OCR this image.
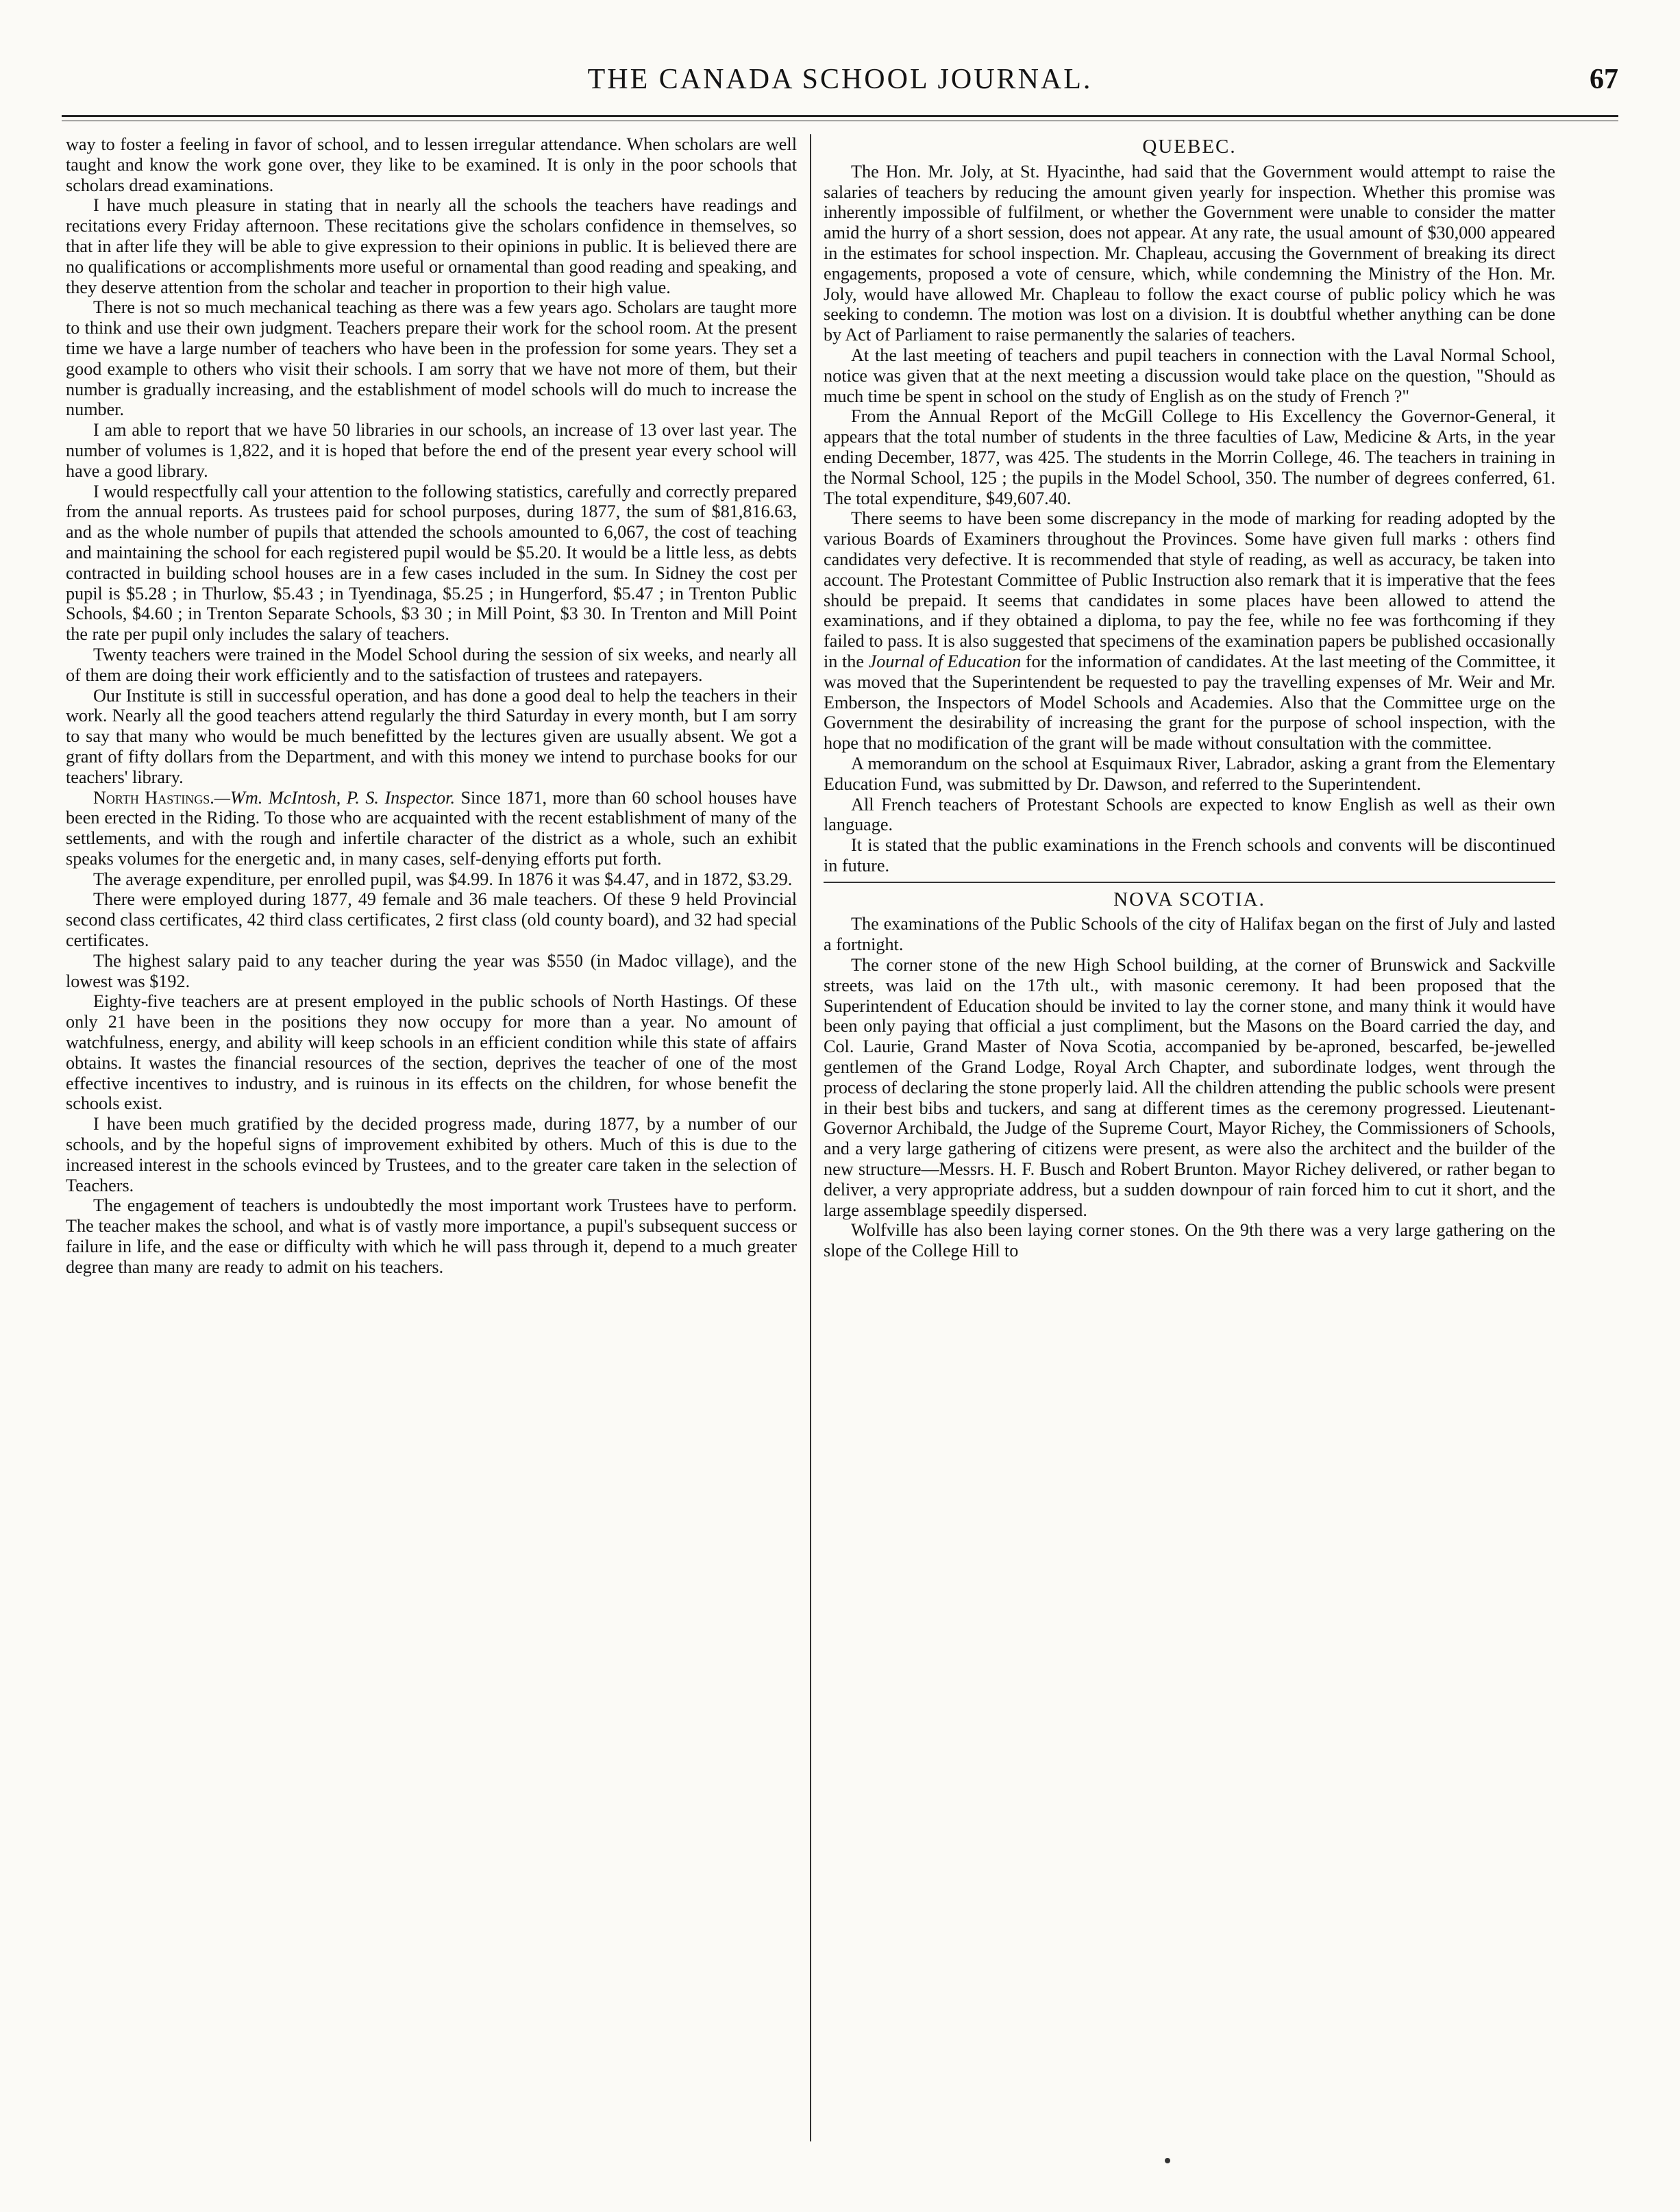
THE CANADA SCHOOL JOURNAL.	67

way to foster a feeling in favor of school, and to lessen irregular attendance. When scholars are well taught and know the work gone over, they like to be examined. It is only in the poor schools that scholars dread examinations.

I have much pleasure in stating that in nearly all the schools the teachers have readings and recitations every Friday afternoon. These recitations give the scholars confidence in themselves, so that in after life they will be able to give expression to their opinions in public. It is believed there are no qualifications or accomplishments more useful or ornamental than good reading and speaking, and they deserve attention from the scholar and teacher in proportion to their high value.

There is not so much mechanical teaching as there was a few years ago. Scholars are taught more to think and use their own judgment. Teachers prepare their work for the school room. At the present time we have a large number of teachers who have been in the profession for some years. They set a good example to others who visit their schools. I am sorry that we have not more of them, but their number is gradually increasing, and the establishment of model schools will do much to increase the number.

I am able to report that we have 50 libraries in our schools, an increase of 13 over last year. The number of volumes is 1,822, and it is hoped that before the end of the present year every school will have a good library.

I would respectfully call your attention to the following statistics, carefully and correctly prepared from the annual reports. As trustees paid for school purposes, during 1877, the sum of $81,816.63, and as the whole number of pupils that attended the schools amounted to 6,067, the cost of teaching and maintaining the school for each registered pupil would be $5.20. It would be a little less, as debts contracted in building school houses are in a few cases included in the sum. In Sidney the cost per pupil is $5.28 ; in Thurlow, $5.43 ; in Tyendinaga, $5.25 ; in Hungerford, $5.47 ; in Trenton Public Schools, $4.60 ; in Trenton Separate Schools, $3 30 ; in Mill Point, $3 30. In Trenton and Mill Point the rate per pupil only includes the salary of teachers.

Twenty teachers were trained in the Model School during the session of six weeks, and nearly all of them are doing their work efficiently and to the satisfaction of trustees and ratepayers.

Our Institute is still in successful operation, and has done a good deal to help the teachers in their work. Nearly all the good teachers attend regularly the third Saturday in every month, but I am sorry to say that many who would be much benefitted by the lectures given are usually absent. We got a grant of fifty dollars from the Department, and with this money we intend to purchase books for our teachers' library.

North Hastings.—Wm. McIntosh, P. S. Inspector. Since 1871, more than 60 school houses have been erected in the Riding. To those who are acquainted with the recent establishment of many of the settlements, and with the rough and infertile character of the district as a whole, such an exhibit speaks volumes for the energetic and, in many cases, self-denying efforts put forth.

The average expenditure, per enrolled pupil, was $4.99. In 1876 it was $4.47, and in 1872, $3.29.

There were employed during 1877, 49 female and 36 male teachers. Of these 9 held Provincial second class certificates, 42 third class certificates, 2 first class (old county board), and 32 had special certificates.

The highest salary paid to any teacher during the year was $550 (in Madoc village), and the lowest was $192.

Eighty-five teachers are at present employed in the public schools of North Hastings. Of these only 21 have been in the positions they now occupy for more than a year. No amount of watchfulness, energy, and ability will keep schools in an efficient condition while this state of affairs obtains. It wastes the financial resources of the section, deprives the teacher of one of the most effective incentives to industry, and is ruinous in its effects on the children, for whose benefit the schools exist.

I have been much gratified by the decided progress made, during 1877, by a number of our schools, and by the hopeful signs of improvement exhibited by others. Much of this is due to the increased interest in the schools evinced by Trustees, and to the greater care taken in the selection of Teachers.

The engagement of teachers is undoubtedly the most important work Trustees have to perform. The teacher makes the school, and what is of vastly more importance, a pupil's subsequent success or failure in life, and the ease or difficulty with which he will pass through it, depend to a much greater degree than many are ready to admit on his teachers.

QUEBEC.

The Hon. Mr. Joly, at St. Hyacinthe, had said that the Government would attempt to raise the salaries of teachers by reducing the amount given yearly for inspection. Whether this promise was inherently impossible of fulfilment, or whether the Government were unable to consider the matter amid the hurry of a short session, does not appear. At any rate, the usual amount of $30,000 appeared in the estimates for school inspection. Mr. Chapleau, accusing the Government of breaking its direct engagements, proposed a vote of censure, which, while condemning the Ministry of the Hon. Mr. Joly, would have allowed Mr. Chapleau to follow the exact course of public policy which he was seeking to condemn. The motion was lost on a division. It is doubtful whether anything can be done by Act of Parliament to raise permanently the salaries of teachers.

At the last meeting of teachers and pupil teachers in connection with the Laval Normal School, notice was given that at the next meeting a discussion would take place on the question, "Should as much time be spent in school on the study of English as on the study of French ?"

From the Annual Report of the McGill College to His Excellency the Governor-General, it appears that the total number of students in the three faculties of Law, Medicine & Arts, in the year ending December, 1877, was 425. The students in the Morrin College, 46. The teachers in training in the Normal School, 125 ; the pupils in the Model School, 350. The number of degrees conferred, 61. The total expenditure, $49,607.40.

There seems to have been some discrepancy in the mode of marking for reading adopted by the various Boards of Examiners throughout the Provinces. Some have given full marks : others find candidates very defective. It is recommended that style of reading, as well as accuracy, be taken into account. The Protestant Committee of Public Instruction also remark that it is imperative that the fees should be prepaid. It seems that candidates in some places have been allowed to attend the examinations, and if they obtained a diploma, to pay the fee, while no fee was forthcoming if they failed to pass. It is also suggested that specimens of the examination papers be published occasionally in the Journal of Education for the information of candidates. At the last meeting of the Committee, it was moved that the Superintendent be requested to pay the travelling expenses of Mr. Weir and Mr. Emberson, the Inspectors of Model Schools and Academies. Also that the Committee urge on the Government the desirability of increasing the grant for the purpose of school inspection, with the hope that no modification of the grant will be made without consultation with the committee.

A memorandum on the school at Esquimaux River, Labrador, asking a grant from the Elementary Education Fund, was submitted by Dr. Dawson, and referred to the Superintendent.

All French teachers of Protestant Schools are expected to know English as well as their own language.

It is stated that the public examinations in the French schools and convents will be discontinued in future.

NOVA SCOTIA.

The examinations of the Public Schools of the city of Halifax began on the first of July and lasted a fortnight.

The corner stone of the new High School building, at the corner of Brunswick and Sackville streets, was laid on the 17th ult., with masonic ceremony. It had been proposed that the Superintendent of Education should be invited to lay the corner stone, and many think it would have been only paying that official a just compliment, but the Masons on the Board carried the day, and Col. Laurie, Grand Master of Nova Scotia, accompanied by be-aproned, bescarfed, be-jewelled gentlemen of the Grand Lodge, Royal Arch Chapter, and subordinate lodges, went through the process of declaring the stone properly laid. All the children attending the public schools were present in their best bibs and tuckers, and sang at different times as the ceremony progressed. Lieutenant-Governor Archibald, the Judge of the Supreme Court, Mayor Richey, the Commissioners of Schools, and a very large gathering of citizens were present, as were also the architect and the builder of the new structure—Messrs. H. F. Busch and Robert Brunton. Mayor Richey delivered, or rather began to deliver, a very appropriate address, but a sudden downpour of rain forced him to cut it short, and the large assemblage speedily dispersed.

Wolfville has also been laying corner stones. On the 9th there was a very large gathering on the slope of the College Hill to
